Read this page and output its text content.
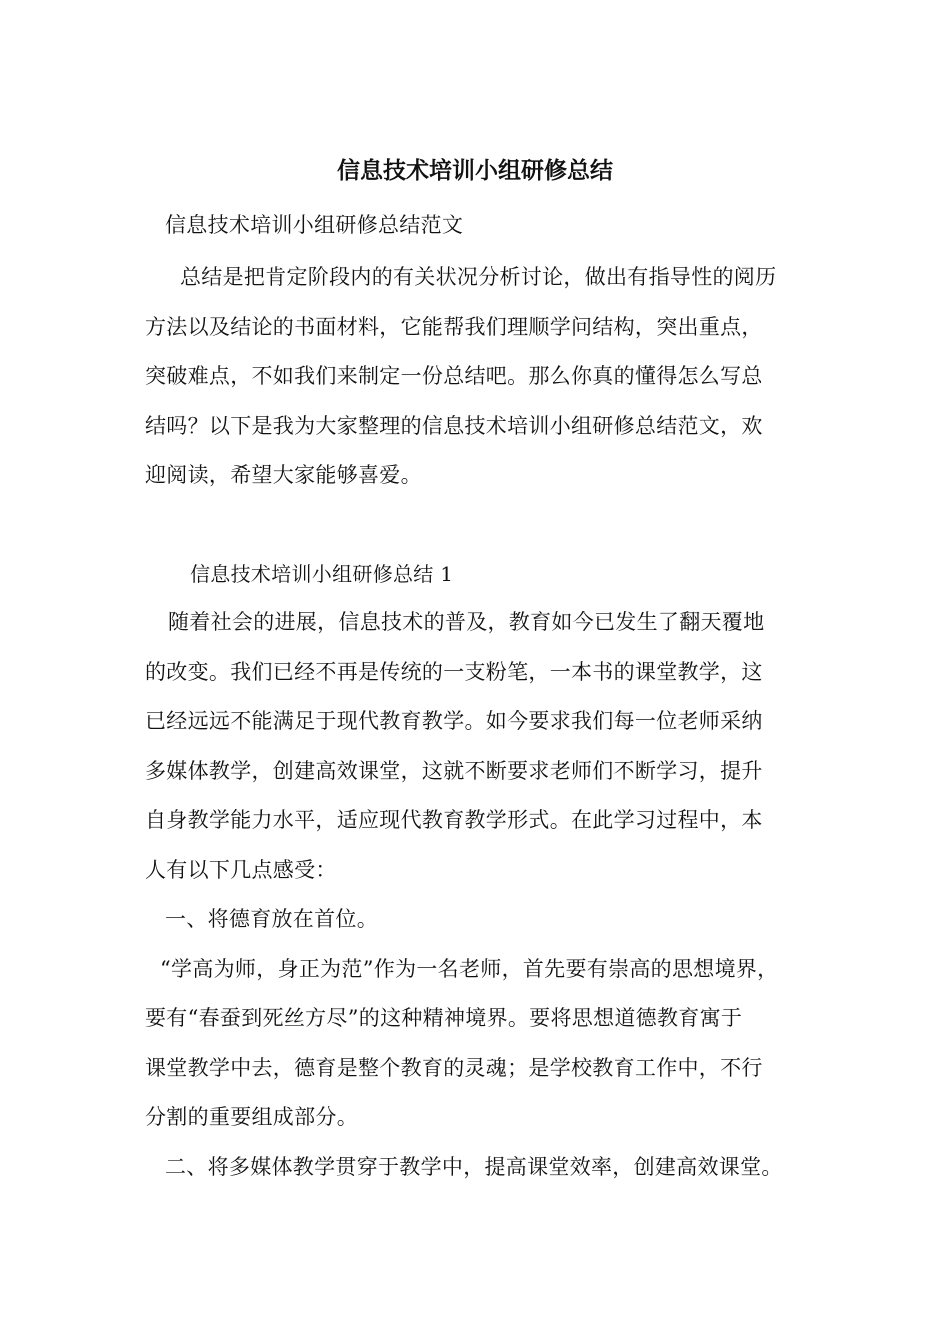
信息技术培训小组研修总结
信息技术培训小组研修总结范文
总结是把肯定阶段内的有关状况分析讨论，做出有指导性的阅历
方法以及结论的书面材料，它能帮我们理顺学问结构，突出重点，
突破难点，不如我们来制定一份总结吧。那么你真的懂得怎么写总
结吗？以下是我为大家整理的信息技术培训小组研修总结范文，欢
迎阅读，希望大家能够喜爱。
信息技术培训小组研修总结 1
随着社会的进展，信息技术的普及，教育如今已发生了翻天覆地
的改变。我们已经不再是传统的一支粉笔，一本书的课堂教学，这
已经远远不能满足于现代教育教学。如今要求我们每一位老师采纳
多媒体教学，创建高效课堂，这就不断要求老师们不断学习，提升
自身教学能力水平，适应现代教育教学形式。在此学习过程中，本
人有以下几点感受：
一、将德育放在首位。
“学高为师，身正为范”作为一名老师，首先要有崇高的思想境界，
要有“春蚕到死丝方尽”的这种精神境界。要将思想道德教育寓于
课堂教学中去，德育是整个教育的灵魂；是学校教育工作中，不行
分割的重要组成部分。
二、将多媒体教学贯穿于教学中，提高课堂效率，创建高效课堂。
